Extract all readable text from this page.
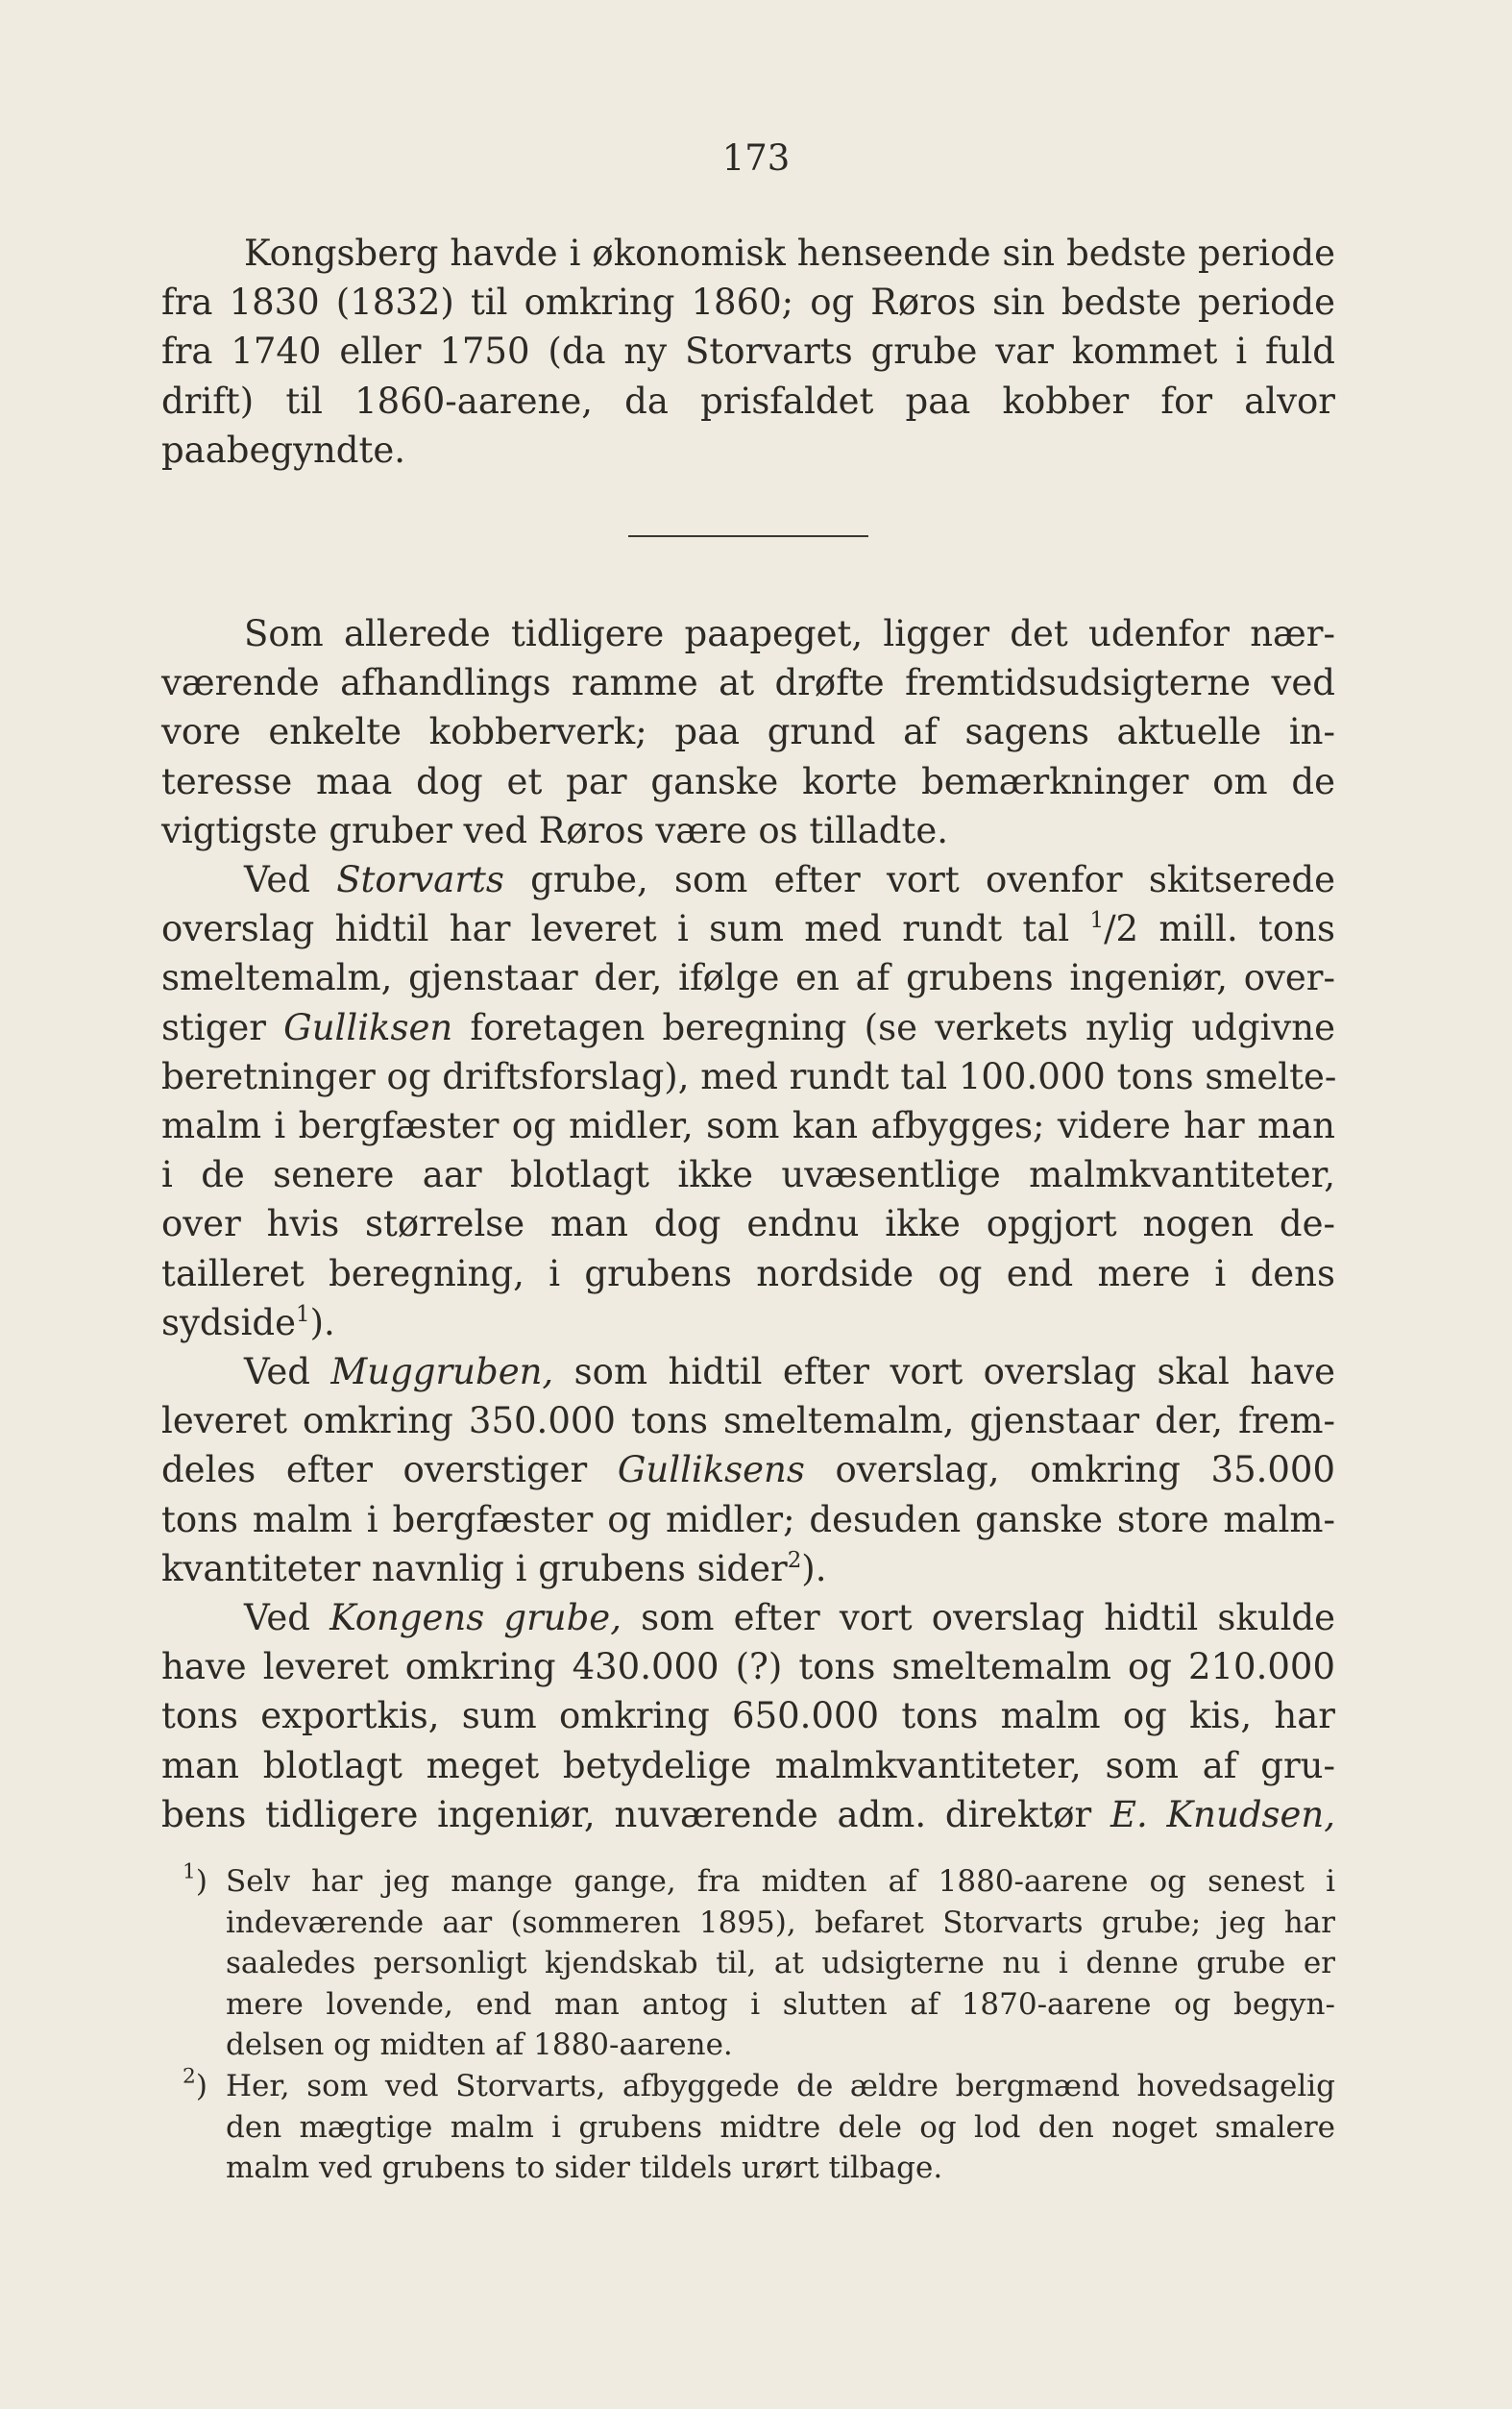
173
Kongsberg havde i økonomisk henseende sin bedste periode
fra 1830 (1832) til omkring 1860; og Røros sin bedste periode
fra 1740 eller 1750 (da ny Storvarts grube var kommet i fuld
drift) til 1860-aarene, da prisfaldet paa kobber for alvor
paabegyndte.
Som allerede tidligere paapeget, ligger det udenfor nær-
værende afhandlings ramme at drøfte fremtidsudsigterne ved
vore enkelte kobberverk; paa grund af sagens aktuelle in-
teresse maa dog et par ganske korte bemærkninger om de
vigtigste gruber ved Røros være os tilladte.
Ved Storvarts grube, som efter vort ovenfor skitserede
overslag hidtil har leveret i sum med rundt tal $^1$/2 mill. tons
smeltemalm, gjenstaar der, ifølge en af grubens ingeniør, over-
stiger Gulliksen foretagen beregning (se verkets nylig udgivne
beretninger og driftsforslag), med rundt tal 100.000 tons smelte-
malm i bergfæster og midler, som kan afbygges; videre har man
i de senere aar blotlagt ikke uvæsentlige malmkvantiteter,
over hvis størrelse man dog endnu ikke opgjort nogen de-
tailleret beregning, i grubens nordside og end mere i dens
sydside$^1$).
Ved Muggruben, som hidtil efter vort overslag skal have
leveret omkring 350.000 tons smeltemalm, gjenstaar der, frem-
deles efter overstiger Gulliksens overslag, omkring 35.000
tons malm i bergfæster og midler; desuden ganske store malm-
kvantiteter navnlig i grubens sider$^2$).
Ved Kongens grube, som efter vort overslag hidtil skulde
have leveret omkring 430.000 (?) tons smeltemalm og 210.000
tons exportkis, sum omkring 650.000 tons malm og kis, har
man blotlagt meget betydelige malmkvantiteter, som af gru-
bens tidligere ingeniør, nuværende adm. direktør E. Knudsen,
$^1$) Selv har jeg mange gange, fra midten af 1880-aarene og senest i
indeværende aar (sommeren 1895), befaret Storvarts grube; jeg har
saaledes personligt kjendskab til, at udsigterne nu i denne grube er
mere lovende, end man antog i slutten af 1870-aarene og begyn-
delsen og midten af 1880-aarene.
$^2$) Her, som ved Storvarts, afbyggede de ældre bergmænd hovedsagelig
den mægtige malm i grubens midtre dele og lod den noget smalere
malm ved grubens to sider tildels urørt tilbage.
